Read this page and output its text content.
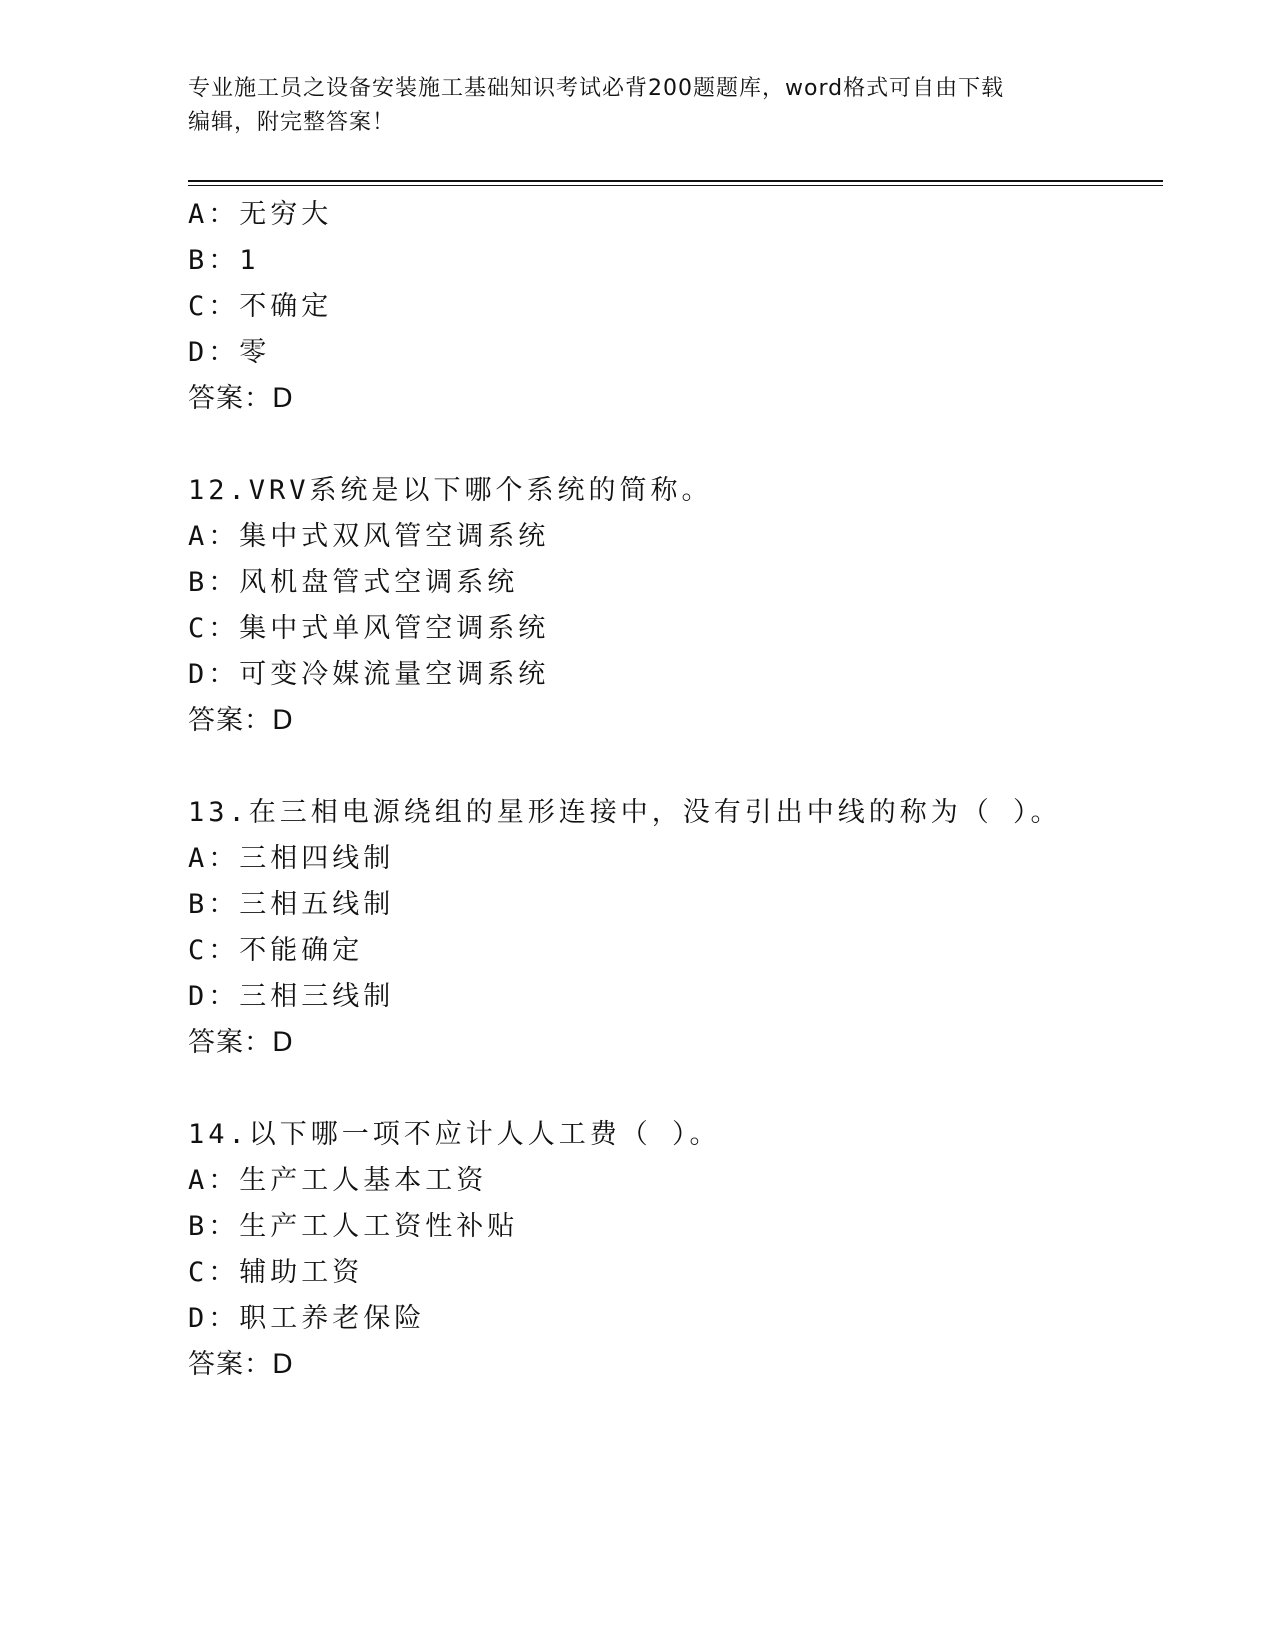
专业施工员之设备安装施工基础知识考试必背200题题库，word格式可自由下载
编辑，附完整答案！
A：无穷大
B：1
C：不确定
D：零
答案：D
12.VRV系统是以下哪个系统的简称。
A：集中式双风管空调系统
B：风机盘管式空调系统
C：集中式单风管空调系统
D：可变冷媒流量空调系统
答案：D
13.在三相电源绕组的星形连接中，没有引出中线的称为（ ）。
A：三相四线制
B：三相五线制
C：不能确定
D：三相三线制
答案：D
14.以下哪一项不应计人人工费（ ）。
A：生产工人基本工资
B：生产工人工资性补贴
C：辅助工资
D：职工养老保险
答案：D
